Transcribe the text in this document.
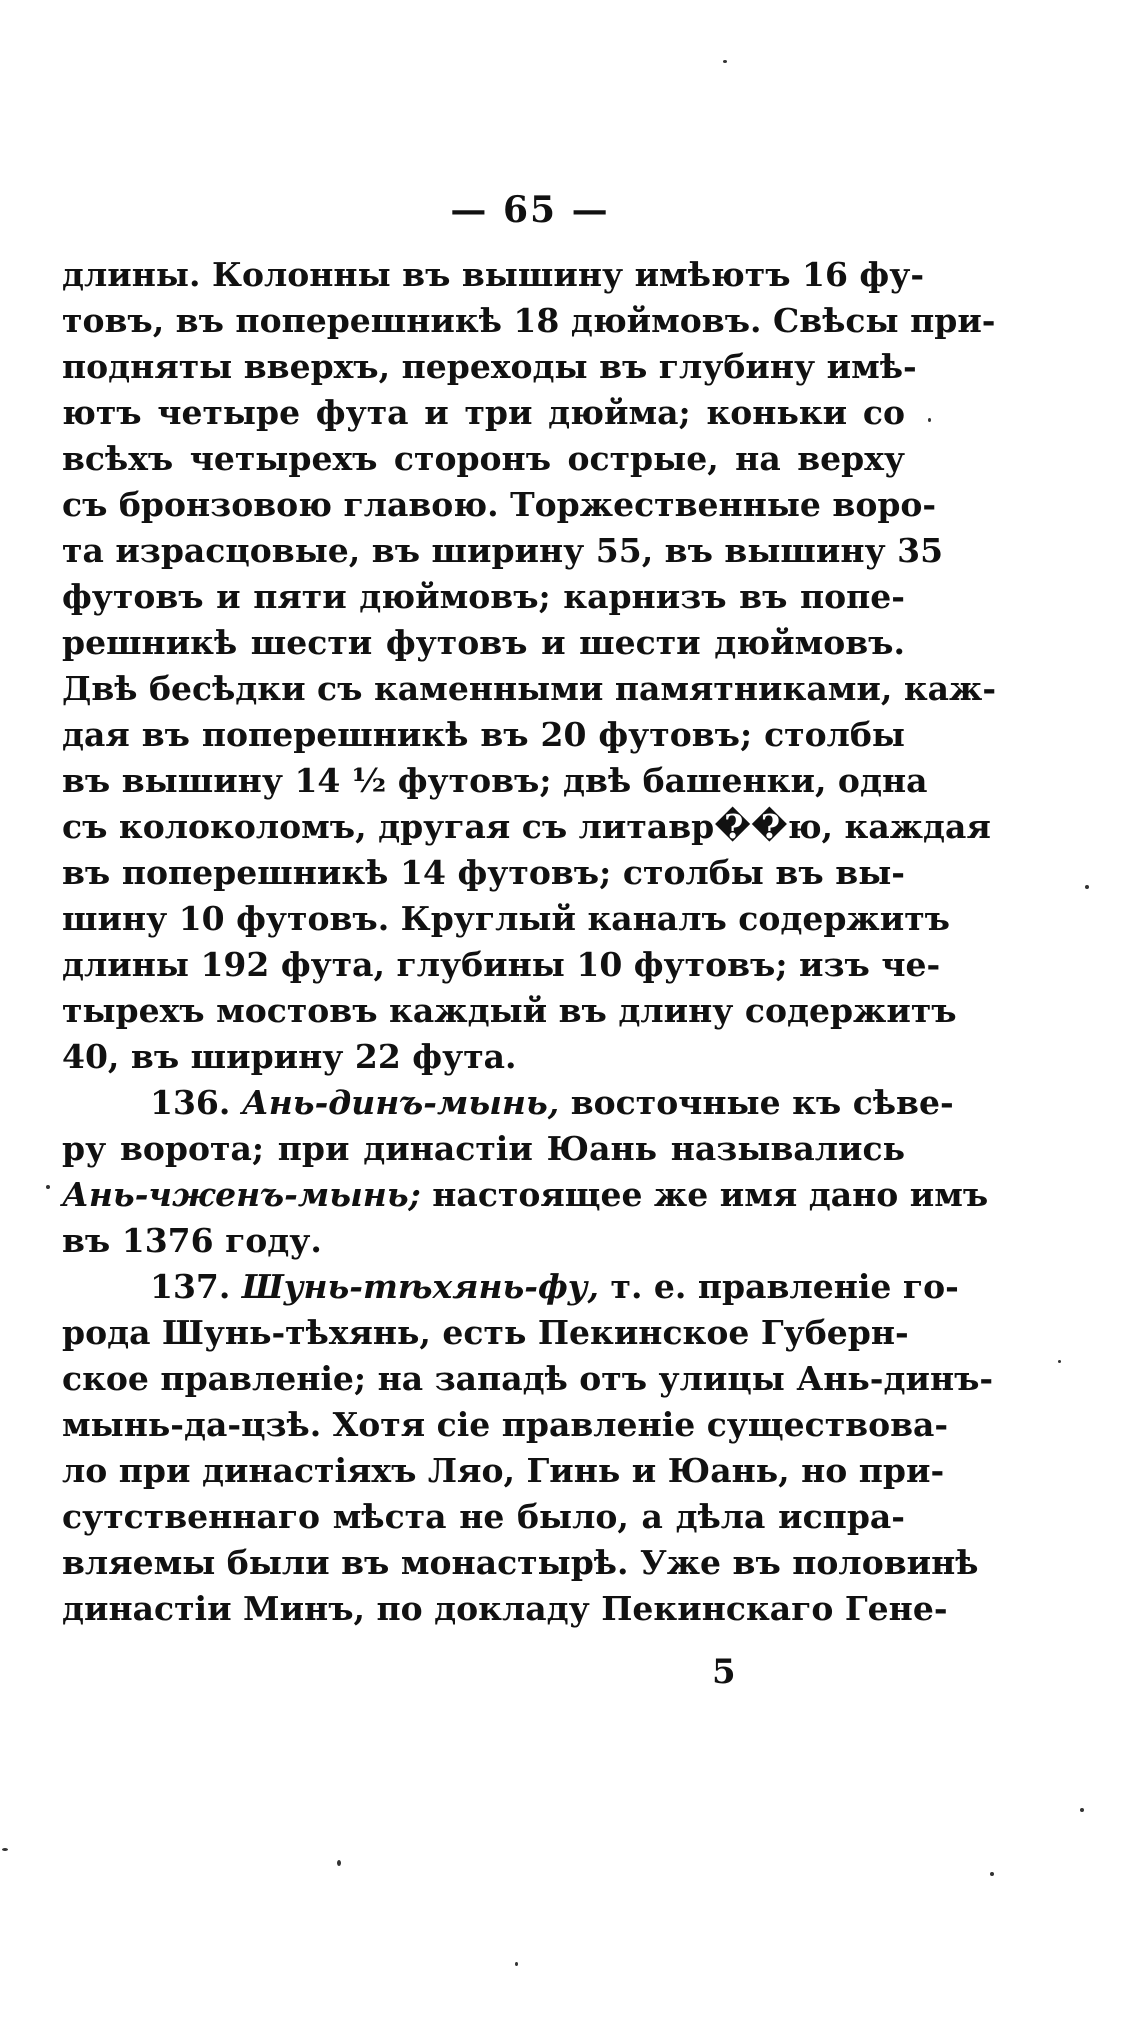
— 65 —
длины. Колонны въ вышину имѣютъ 16 фу-
товъ, въ поперешникѣ 18 дюймовъ. Свѣсы при-
подняты вверхъ, переходы въ глубину имѣ-
ютъ четыре фута и три дюйма; коньки со
всѣхъ четырехъ сторонъ острые, на верху
съ бронзовою главою. Торжественные воро-
та израсцовые, въ ширину 55, въ вышину 35
футовъ и пяти дюймовъ; карнизъ въ попе-
решникѣ шести футовъ и шести дюймовъ.
Двѣ бесѣдки съ каменными памятниками, каж-
дая въ поперешникѣ въ 20 футовъ; столбы
въ вышину 14 ½ футовъ; двѣ башенки, одна
съ колоколомъ, другая съ литавр��ю, каждая
въ поперешникѣ 14 футовъ; столбы въ вы-
шину 10 футовъ. Круглый каналъ содержитъ
длины 192 фута, глубины 10 футовъ; изъ че-
тырехъ мостовъ каждый въ длину содержитъ
40, въ ширину 22 фута.
136. Ань-динъ-мынь, восточные къ сѣве-
ру ворота; при династіи Юань назывались
Ань-чженъ-мынь; настоящее же имя дано имъ
въ 1376 году.
137. Шунь-тѣхянь-фу, т. е. правленіе го-
рода Шунь-тѣхянь, есть Пекинское Губерн-
ское правленіе; на западѣ отъ улицы Ань-динъ-
мынь-да-цзѣ. Хотя сіе правленіе существова-
ло при династіяхъ Ляо, Гинь и Юань, но при-
сутственнаго мѣста не было, а дѣла испра-
вляемы были въ монастырѣ. Уже въ половинѣ
династіи Минъ, по докладу Пекинскаго Гене-
5
